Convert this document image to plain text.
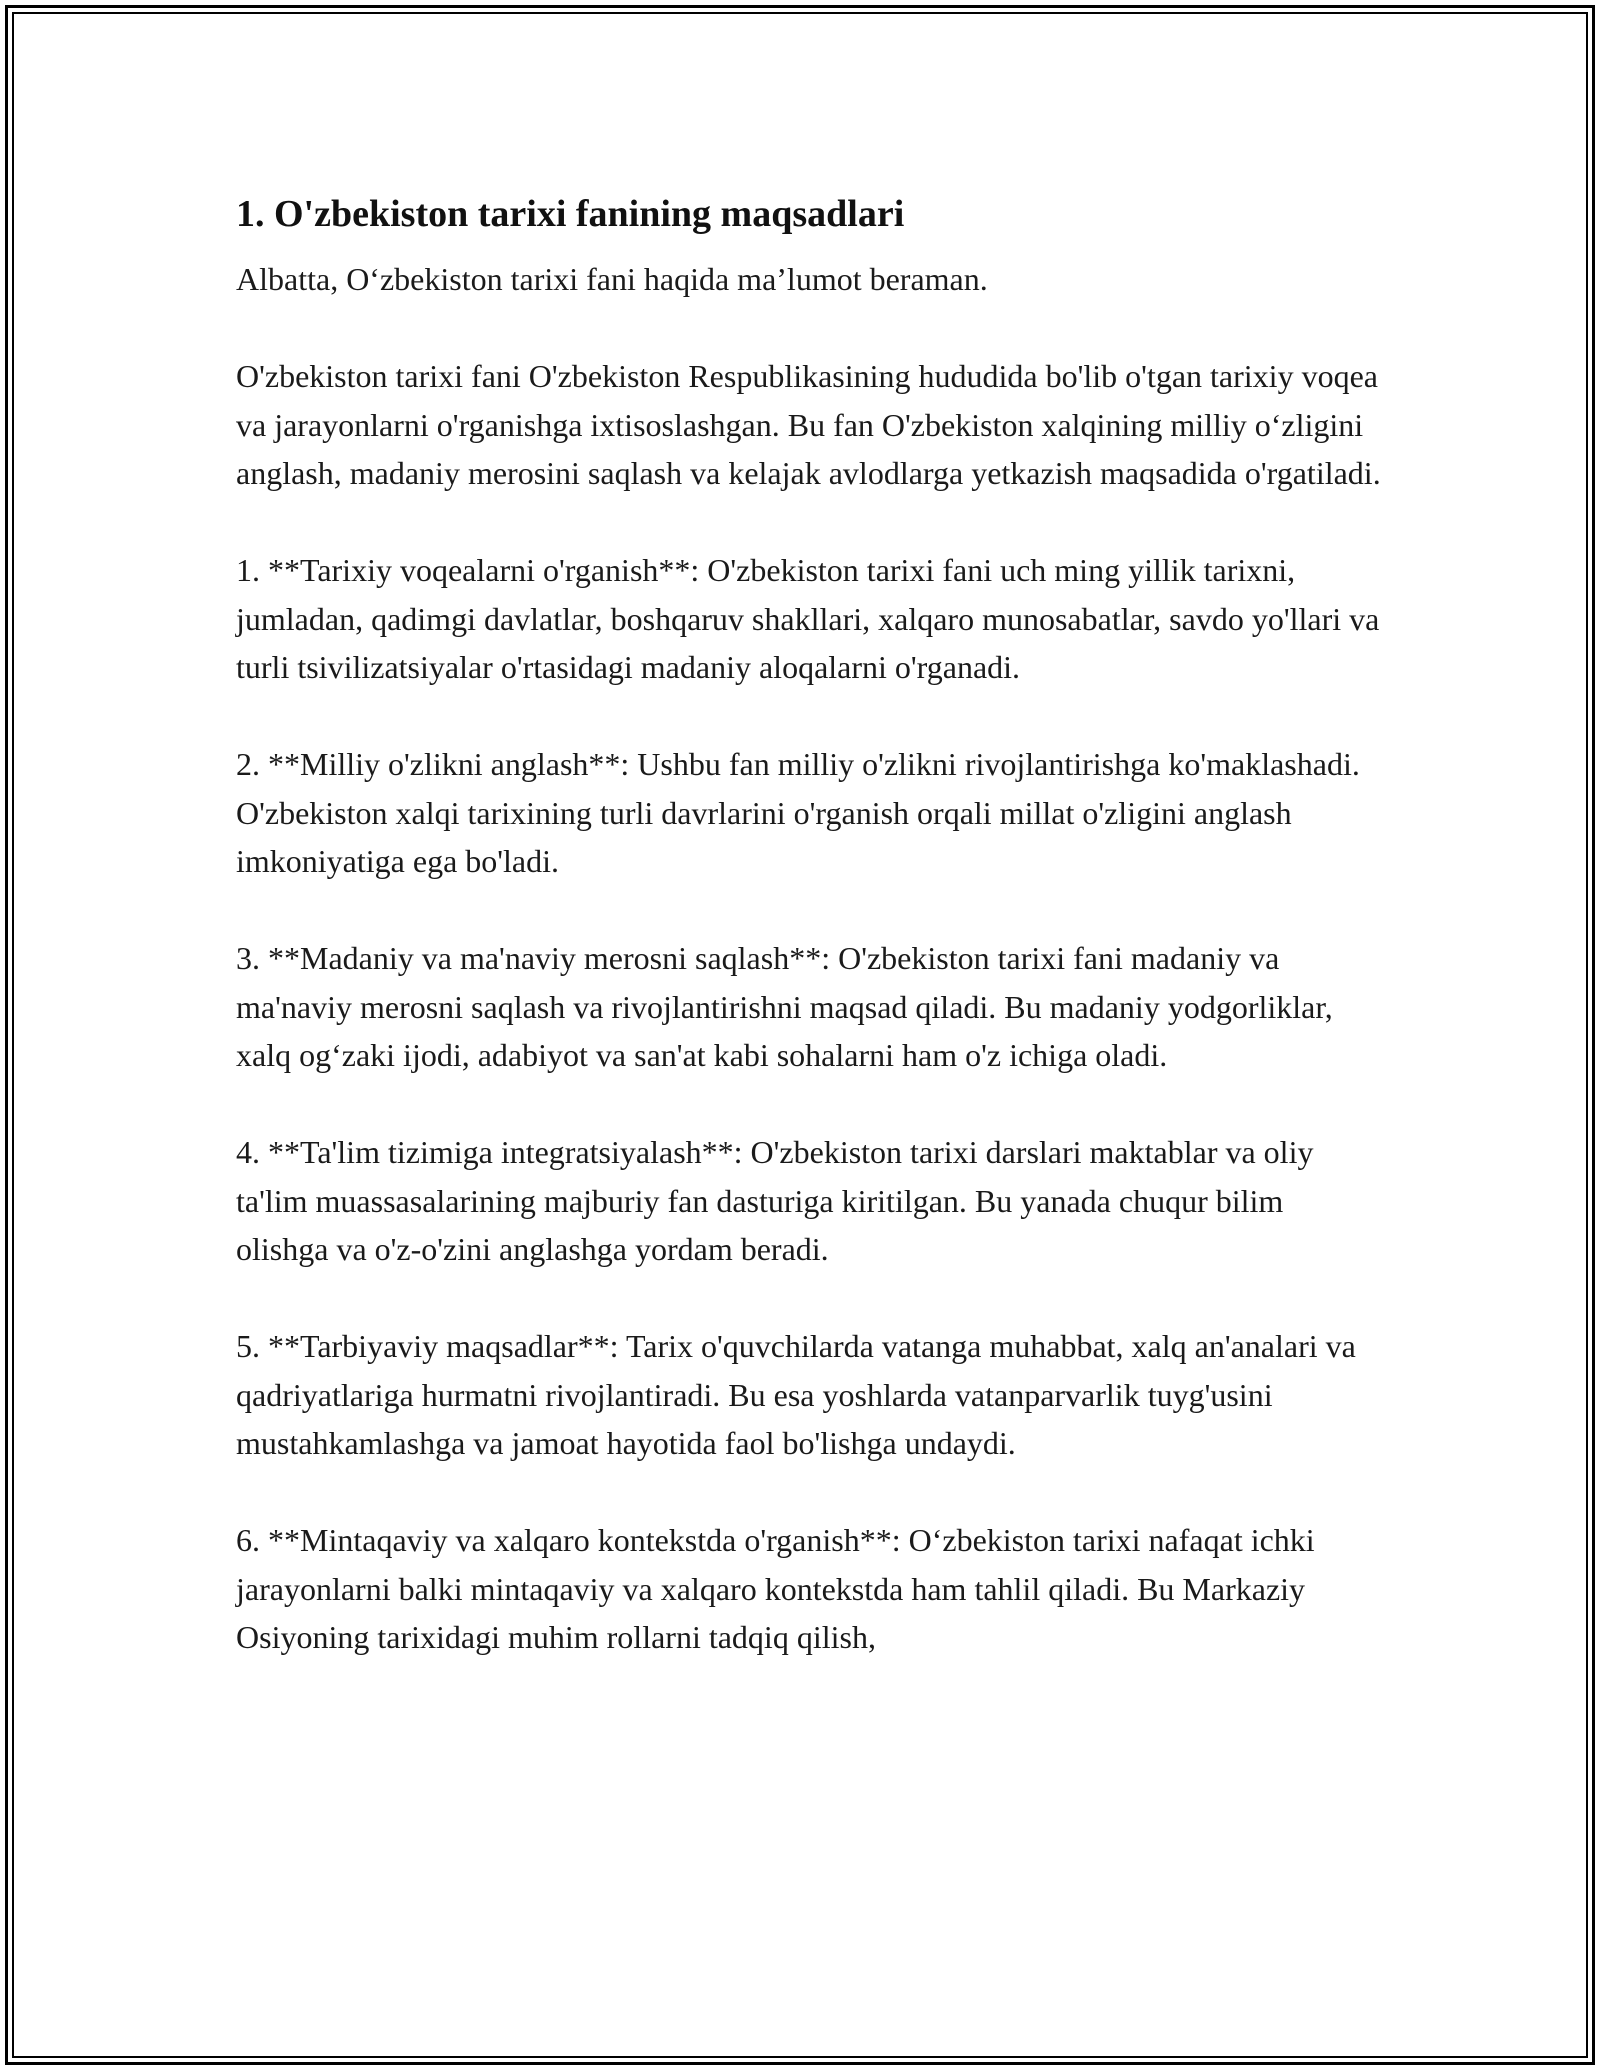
1. O'zbekiston tarixi fanining maqsadlari

Albatta, O‘zbekiston tarixi fani haqida ma’lumot beraman.

O'zbekiston tarixi fani O'zbekiston Respublikasining hududida bo'lib o'tgan tarixiy voqea va jarayonlarni o'rganishga ixtisoslashgan. Bu fan O'zbekiston xalqining milliy o‘zligini anglash, madaniy merosini saqlash va kelajak avlodlarga yetkazish maqsadida o'rgatiladi.

1. **Tarixiy voqealarni o'rganish**: O'zbekiston tarixi fani uch ming yillik tarixni, jumladan, qadimgi davlatlar, boshqaruv shakllari, xalqaro munosabatlar, savdo yo'llari va turli tsivilizatsiyalar o'rtasidagi madaniy aloqalarni o'rganadi.

2. **Milliy o'zlikni anglash**: Ushbu fan milliy o'zlikni rivojlantirishga ko'maklashadi. O'zbekiston xalqi tarixining turli davrlarini o'rganish orqali millat o'zligini anglash imkoniyatiga ega bo'ladi.

3. **Madaniy va ma'naviy merosni saqlash**: O'zbekiston tarixi fani madaniy va ma'naviy merosni saqlash va rivojlantirishni maqsad qiladi. Bu madaniy yodgorliklar, xalq og‘zaki ijodi, adabiyot va san'at kabi sohalarni ham o'z ichiga oladi.

4. **Ta'lim tizimiga integratsiyalash**: O'zbekiston tarixi darslari maktablar va oliy ta'lim muassasalarining majburiy fan dasturiga kiritilgan. Bu yanada chuqur bilim olishga va o'z-o'zini anglashga yordam beradi.

5. **Tarbiyaviy maqsadlar**: Tarix o'quvchilarda vatanga muhabbat, xalq an'analari va qadriyatlariga hurmatni rivojlantiradi. Bu esa yoshlarda vatanparvarlik tuyg'usini mustahkamlashga va jamoat hayotida faol bo'lishga undaydi.

6. **Mintaqaviy va xalqaro kontekstda o'rganish**: O‘zbekiston tarixi nafaqat ichki jarayonlarni balki mintaqaviy va xalqaro kontekstda ham tahlil qiladi. Bu Markaziy Osiyoning tarixidagi muhim rollarni tadqiq qilish,
